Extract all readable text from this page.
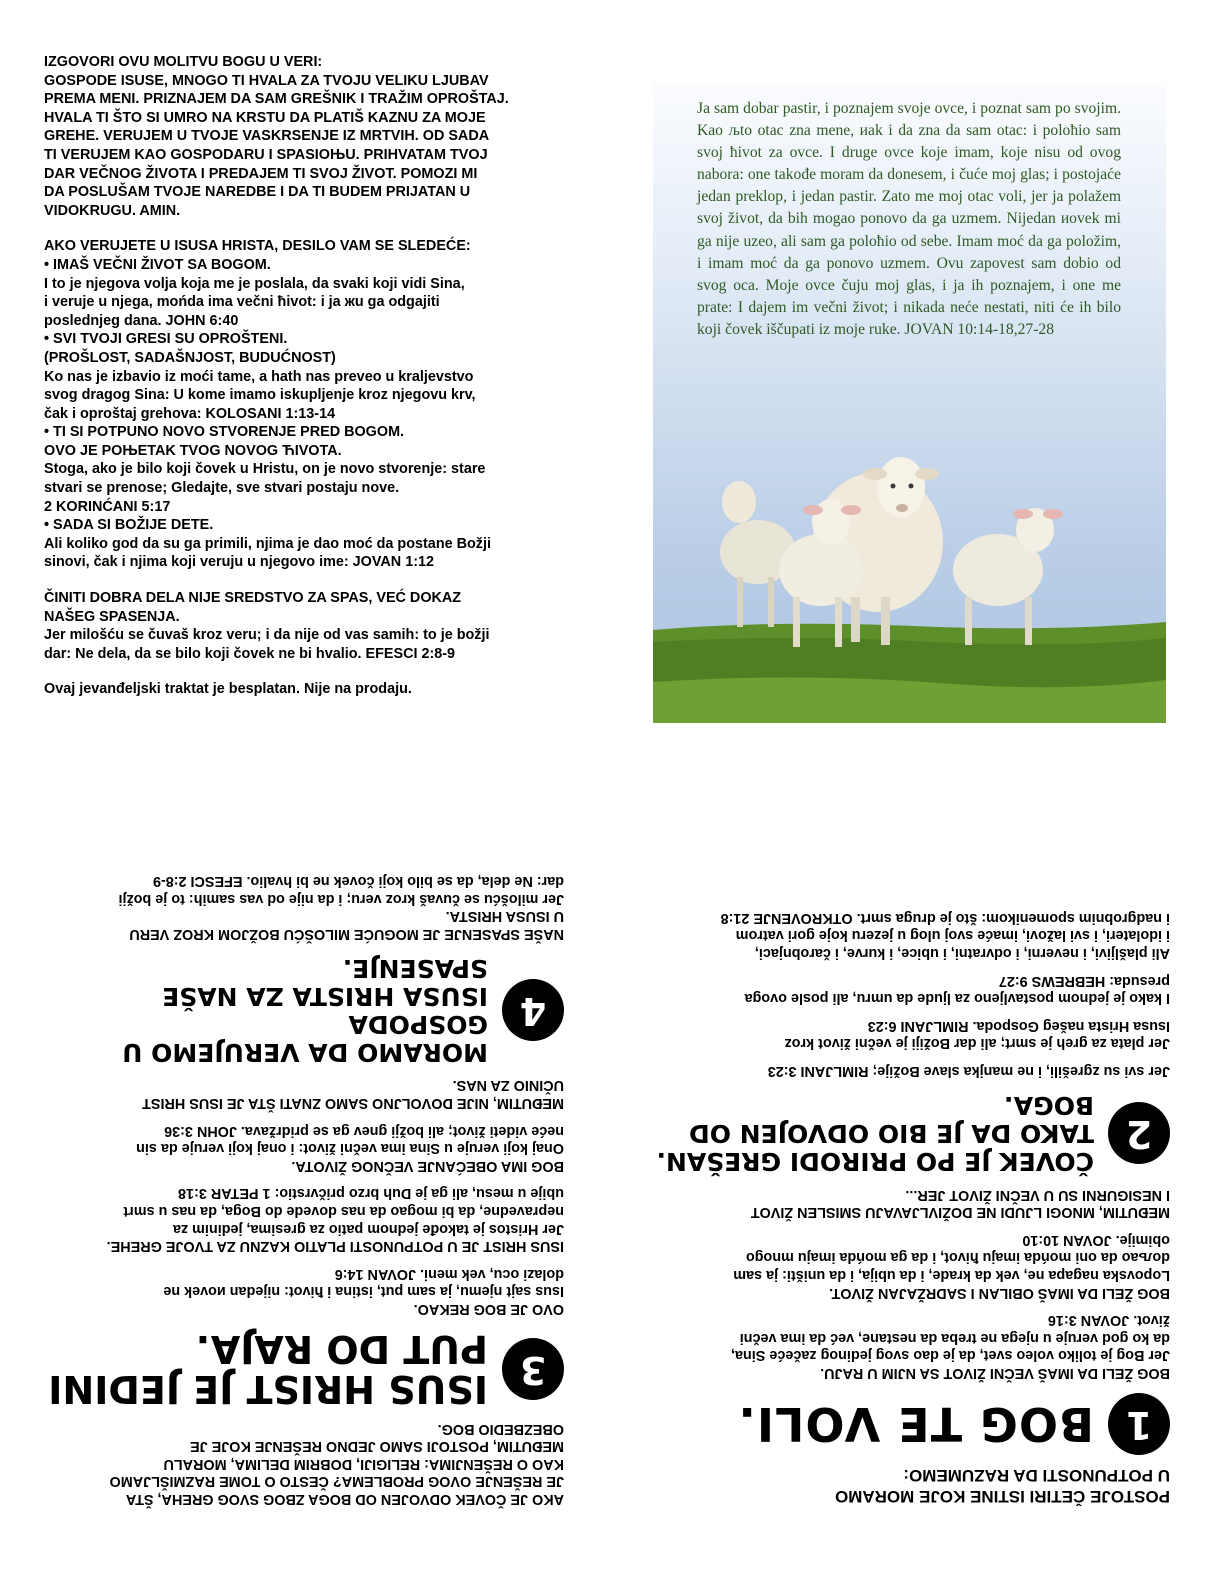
IZGOVORI OVU MOLITVU BOGU U VERI:

GOSPODE ISUSE, MNOGO TI HVALA ZA TVOJU VELIKU LJUBAV
PREMA MENI. PRIZNAJEM DA SAM GREŠNIK I TRAŽIM OPROŠTAJ.
HVALA TI ŠTO SI UMRO NA KRSTU DA PLATIŠ KAZNU ZA MOJE
GREHE. VERUJEM U TVOJE VASKRSENJE IZ MRTVIH. OD SADA
TI VERUJEM KAO GOSPODARU I SPASIOЊU. PRIHVATAM TVOJ
DAR VEČNOG ŽIVOTA I PREDAJEM TI SVOJ ŽIVOT. POMOZI MI
DA POSLUŠAM TVOJE NAREDBE I DA TI BUDEM PRIJATAN U
VIDOKRUGU. AMIN.

AKO VERUJETE U ISUSA HRISTA, DESILO VAM SE SLEDEĆE:

• IMAŠ VEČNI ŽIVOT SA BOGOM.

I to je njegova volja koja me je poslala, da svaki koji vidi Sina,
i veruje u njega, mońda ima večni ћivot: i ja жu ga odgajiti
poslednjeg dana. JOHN 6:40

• SVI TVOJI GRESI SU OPROŠTENI.
(PROŠLOST, SADAŠNJOST, BUDUĆNOST)

Ko nas je izbavio iz moći tame, a hath nas preveo u kraljevstvo
svog dragog Sina: U kome imamo iskupljenje kroz njegovu krv,
čak i oproštaj grehova: KOLOSANI 1:13-14

• TI SI POTPUNO NOVO STVORENJE PRED BOGOM.
OVO JE POЊETAK TVOG NOVOG ЋIVOTA.

Stoga, ako je bilo koji čovek u Hristu, on je novo stvorenje: stare
stvari se prenose; Gledajte, sve stvari postaju nove.
2 KORINĆANI 5:17

• SADA SI BOŽIJE DETE.

Ali koliko god da su ga primili, njima je dao moć da postane Božji
sinovi, čak i njima koji veruju u njegovo ime: JOVAN 1:12

ČINITI DOBRA DELA NIJE SREDSTVO ZA SPAS, VEĆ DOKAZ
NAŠEG SPASENJA.

Jer milošću se čuvaš kroz veru; i da nije od vas samih: to je božji
dar: Ne dela, da se bilo koji čovek ne bi hvalio. EFESCI 2:8-9

Ovaj jevanđeljski traktat je besplatan. Nije na prodaju.

Ja sam dobar pastir, i poznajem svoje ovce, i poznat sam po svojim. Kao љto otac zna mene, иak i da zna da sam otac: i poloћio sam svoj ћivot za ovce. I druge ovce koje imam, koje nisu od ovog nabora: one takođe moram da donesem, i čuće moj glas; i postojaće jedan preklop, i jedan pastir. Zato me moj otac voli, jer ja polažem svoj život, da bih mogao ponovo da ga uzmem. Nijedan иovek mi ga nije uzeo, ali sam ga poloћio od sebe. Imam moć da ga položim, i imam moć da ga ponovo uzmem. Ovu zapovest sam dobio od svog oca. Moje ovce čuju moj glas, i ja ih poznajem, i one me prate: I dajem im večni život; i nikada neće nestati, niti će ih bilo koji čovek iščupati iz moje ruke. JOVAN 10:14-18,27-28

AKO JE ČOVEK ODVOJEN OD BOGA ZBOG SVOG GREHA, ŠTA
JE REŠENJE OVOG PROBLEMA? ČESTO O TOME RAZMIŠLJAMO
KAO O REŠENJIMA: RELIGIJI, DOBRIM DELIMA, MORALU
MEĐUTIM, POSTOJI SAMO JEDNO REŠENJE KOJE JE
OBEZBEDIO BOG.

3
ISUS HRIST JE JEDINI
PUT DO RAJA.

OVO JE BOG REKAO.

Isus sajt njemu, ja sam put, istina i ћivot: nijedan иovek ne
dolazi ocu, vek meni. JOVAN 14:6

ISUS HRIST JE U POTPUNOSTI PLATIO KAZNU ZA TVOJE GREHE.

Jer Hristos je takođe jednom patio za gresima, jedinim za
nepravedne, da bi mogao da nas dovede do Boga, da nas u smrt
ubije u mesu, ali ga je Duh brzo pričvrstio: 1 PETAR 3:18

BOG IMA OBEĆANJE VEČNOG ŽIVOTA.

Onaj koji veruje u Sina ima večni život: i onaj koji veruje da sin
neće videti život; ali božji gnev ga se pridržava. JOHN 3:36

MEĐUTIM, NIJE DOVOLJNO SAMO ZNATI ŠTA JE ISUS HRIST
UČINIO ZA NAS.

4
MORAMO DA VERUJEMO U GOSPODA
ISUSA HRISTA ZA NAŠE SPASENJE.

NAŠE SPASENJE JE MOGUĆE MILOŠĆU BOŽJOM KROZ VERU
U ISUSA HRISTA.

Jer milošću se čuvaš kroz veru; i da nije od vas samih: to je božji
dar: Ne dela, da se bilo koji čovek ne bi hvalio. EFESCI 2:8-9

POSTOJE ČETIRI ISTINE KOJE MORAMO
U POTPUNOSTI DA RAZUMEMO:

1
BOG TE VOLI.

BOG ŽELI DA IMAŠ VEČNI ŽIVOT SA NJIM U RAJU.

Jer Bog je toliko voleo svet, da je dao svog jedinog začeće Sina,
da ko god veruje u njega ne treba da nestane, već da ima večni
život. JOVAN 3:16

BOG ŽELI DA IMAŠ OBILAN I SADRŽAJAN ŽIVOT.

Lopovska nagapa ne, vek da krade, i da ubija, i da uništi: ja sam
doљao da oni mońda imaju ћivot, i da ga mońda imaju mnogo
obimije. JOVAN 10:10

MEĐUTIM, MNOGI LJUDI NE DOŽIVLJAVAJU SMISLEN ŽIVOT
I NESIGURNI SU U VEČNI ŽIVOT JER...

2
ČOVEK JE PO PRIRODI GREŠAN.
TAKO DA JE BIO ODVOJEN OD BOGA.

Jer svi su zgrešili, i ne manjka slave Božije; RIMLJANI 3:23

Jer plata za greh je smrt; ali dar Božiji je večni život kroz
Isusa Hrista našeg Gospoda. RIMLJANI 6:23

I kako je jednom postavljeno za ljude da umru, ali posle ovoga
presuda: HEBREWS 9:27

Ali plašljivi, i neverni, i odvratni, i ubice, i kurve, i čarobnjaci,
i idolateri, i svi lažovi, imaće svoj ulog u jezeru koje gori vatrom
i nadgrobnim spomenikom: što je druga smrt. OTKROVENJE 21:8
